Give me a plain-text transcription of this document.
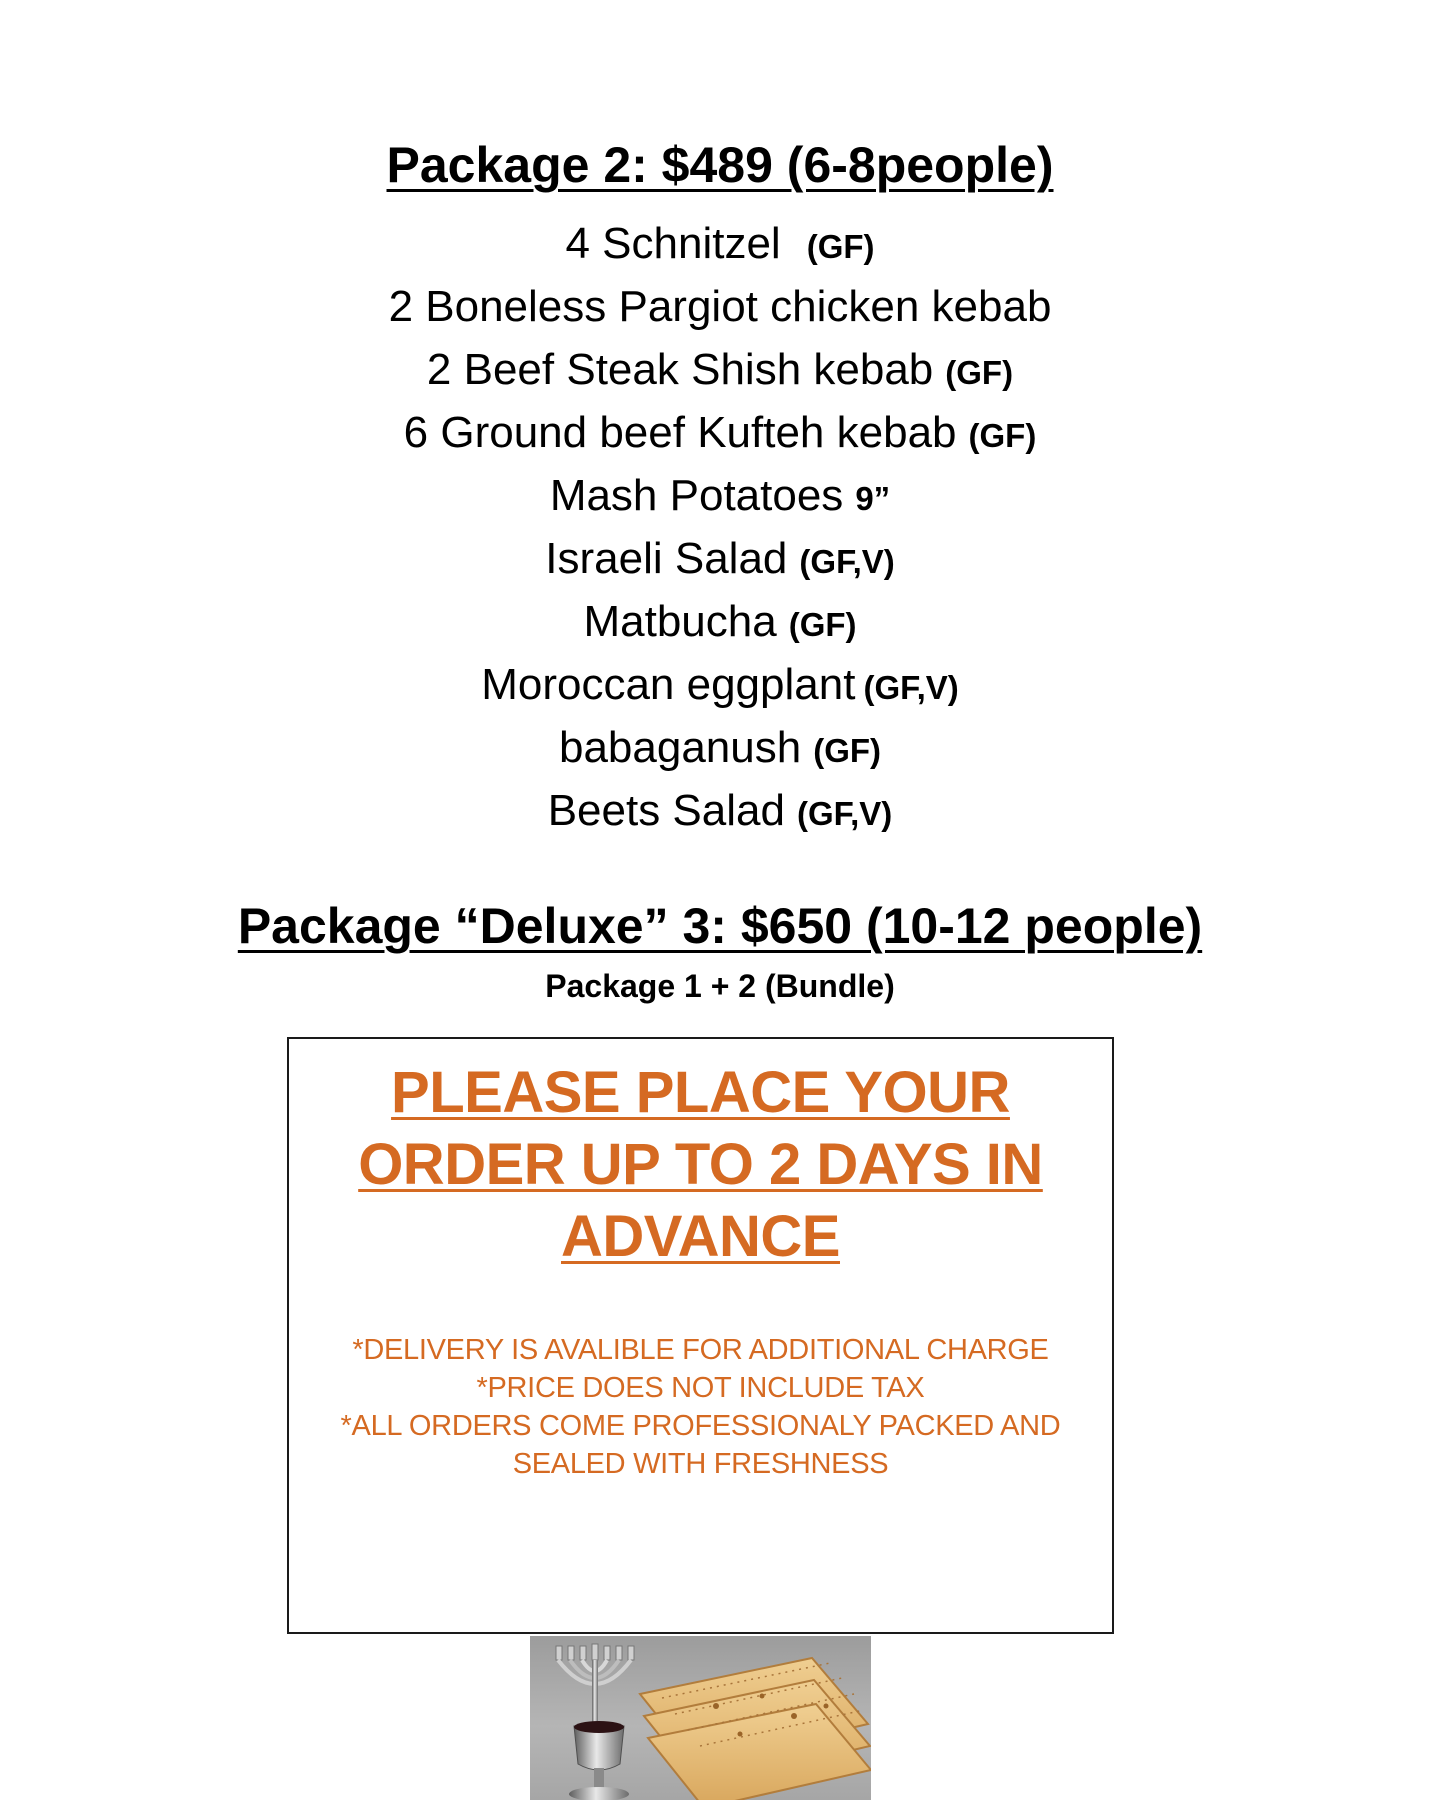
Package 2: $489 (6-8people)
4 Schnitzel (GF)
2 Boneless Pargiot chicken kebab
2 Beef Steak Shish kebab (GF)
6 Ground beef Kufteh kebab (GF)
Mash Potatoes 9”
Israeli Salad (GF,V)
Matbucha (GF)
Moroccan eggplant (GF,V)
babaganush (GF)
Beets Salad (GF,V)
Package “Deluxe” 3: $650 (10-12 people)
Package 1 + 2 (Bundle)
PLEASE PLACE YOUR
ORDER UP TO 2 DAYS IN
ADVANCE
*DELIVERY IS AVALIBLE FOR ADDITIONAL CHARGE
*PRICE DOES NOT INCLUDE TAX
*ALL ORDERS COME PROFESSIONALY PACKED AND
SEALED WITH FRESHNESS
